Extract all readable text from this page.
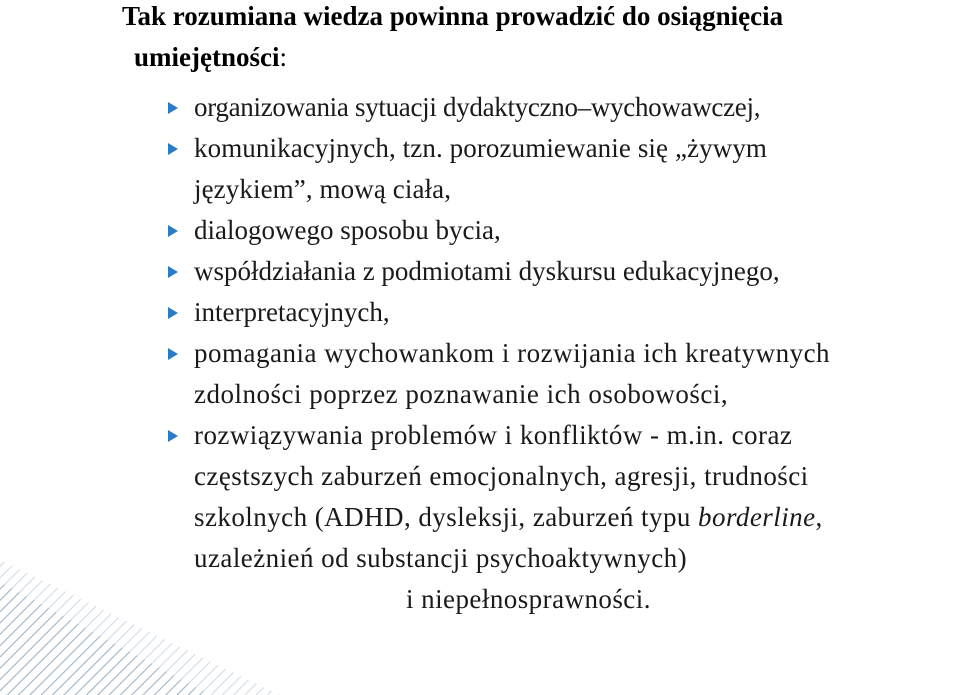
Tak rozumiana wiedza powinna prowadzić do osiągnięcia
umiejętności:
organizowania sytuacji dydaktyczno–wychowawczej,
komunikacyjnych, tzn. porozumiewanie się „żywym
językiem”, mową ciała,
dialogowego sposobu bycia,
współdziałania z podmiotami dyskursu edukacyjnego,
interpretacyjnych,
pomagania wychowankom i rozwijania ich kreatywnych
zdolności poprzez poznawanie ich osobowości,
rozwiązywania problemów i konfliktów - m.in. coraz
częstszych zaburzeń emocjonalnych, agresji, trudności
szkolnych (ADHD, dysleksji, zaburzeń typu borderline,
uzależnień od substancji psychoaktywnych)
i niepełnosprawności.
